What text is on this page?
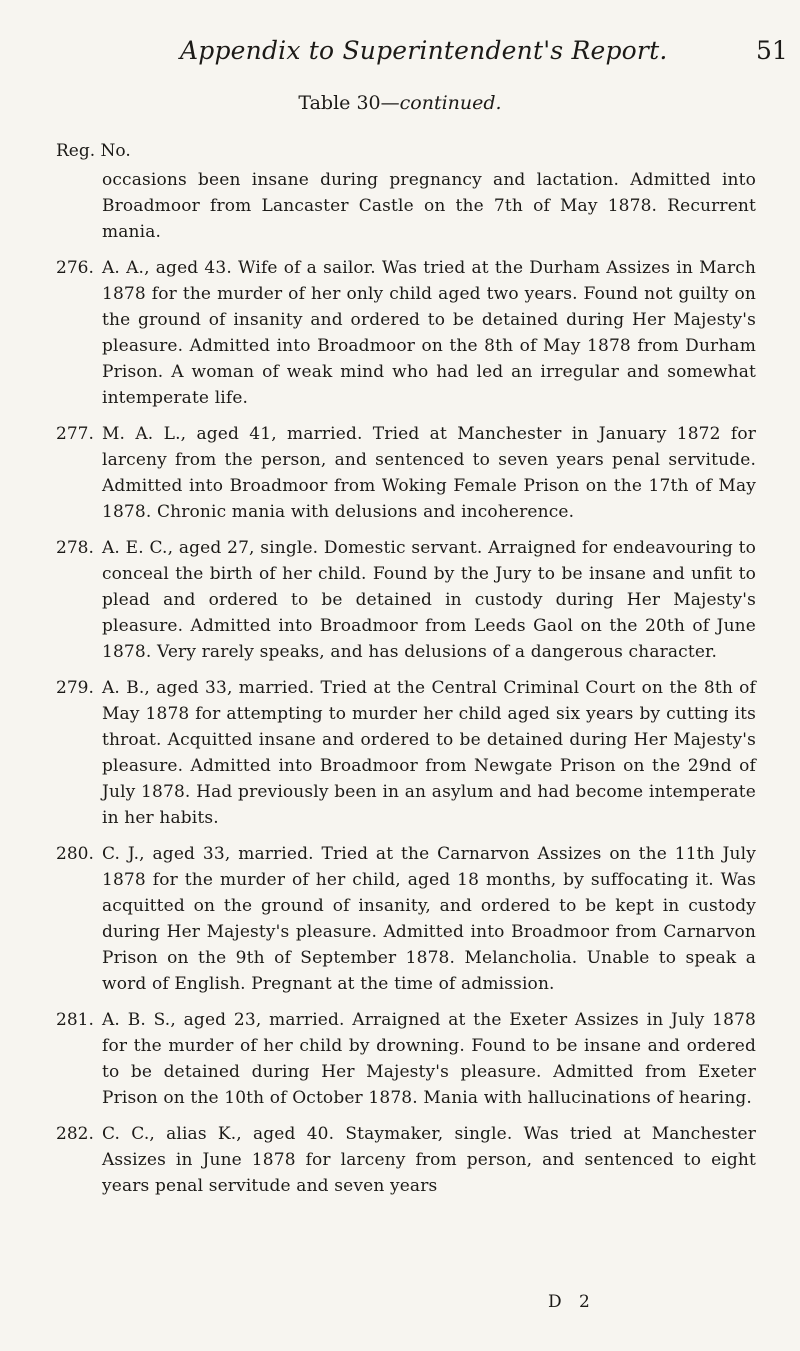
Appendix to Superintendent's Report.	51
Table 30—continued.
Reg. No.
occasions been insane during pregnancy and lactation. Admitted into Broadmoor from Lancaster Castle on the 7th of May 1878. Recurrent mania.
276. A. A., aged 43. Wife of a sailor. Was tried at the Durham Assizes in March 1878 for the murder of her only child aged two years. Found not guilty on the ground of insanity and ordered to be detained during Her Majesty's pleasure. Admitted into Broadmoor on the 8th of May 1878 from Durham Prison. A woman of weak mind who had led an irregular and somewhat intemperate life.
277. M. A. L., aged 41, married. Tried at Manchester in January 1872 for larceny from the person, and sentenced to seven years penal servitude. Admitted into Broadmoor from Woking Female Prison on the 17th of May 1878. Chronic mania with delusions and incoherence.
278. A. E. C., aged 27, single. Domestic servant. Arraigned for endeavouring to conceal the birth of her child. Found by the Jury to be insane and unfit to plead and ordered to be detained in custody during Her Majesty's pleasure. Admitted into Broadmoor from Leeds Gaol on the 20th of June 1878. Very rarely speaks, and has delusions of a dangerous character.
279. A. B., aged 33, married. Tried at the Central Criminal Court on the 8th of May 1878 for attempting to murder her child aged six years by cutting its throat. Acquitted insane and ordered to be detained during Her Majesty's pleasure. Admitted into Broadmoor from Newgate Prison on the 29nd of July 1878. Had previously been in an asylum and had become intemperate in her habits.
280. C. J., aged 33, married. Tried at the Carnarvon Assizes on the 11th July 1878 for the murder of her child, aged 18 months, by suffocating it. Was acquitted on the ground of insanity, and ordered to be kept in custody during Her Majesty's pleasure. Admitted into Broadmoor from Carnarvon Prison on the 9th of September 1878. Melancholia. Unable to speak a word of English. Pregnant at the time of admission.
281. A. B. S., aged 23, married. Arraigned at the Exeter Assizes in July 1878 for the murder of her child by drowning. Found to be insane and ordered to be detained during Her Majesty's pleasure. Admitted from Exeter Prison on the 10th of October 1878. Mania with hallucinations of hearing.
282. C. C., alias K., aged 40. Staymaker, single. Was tried at Manchester Assizes in June 1878 for larceny from person, and sentenced to eight years penal servitude and seven years
D 2
